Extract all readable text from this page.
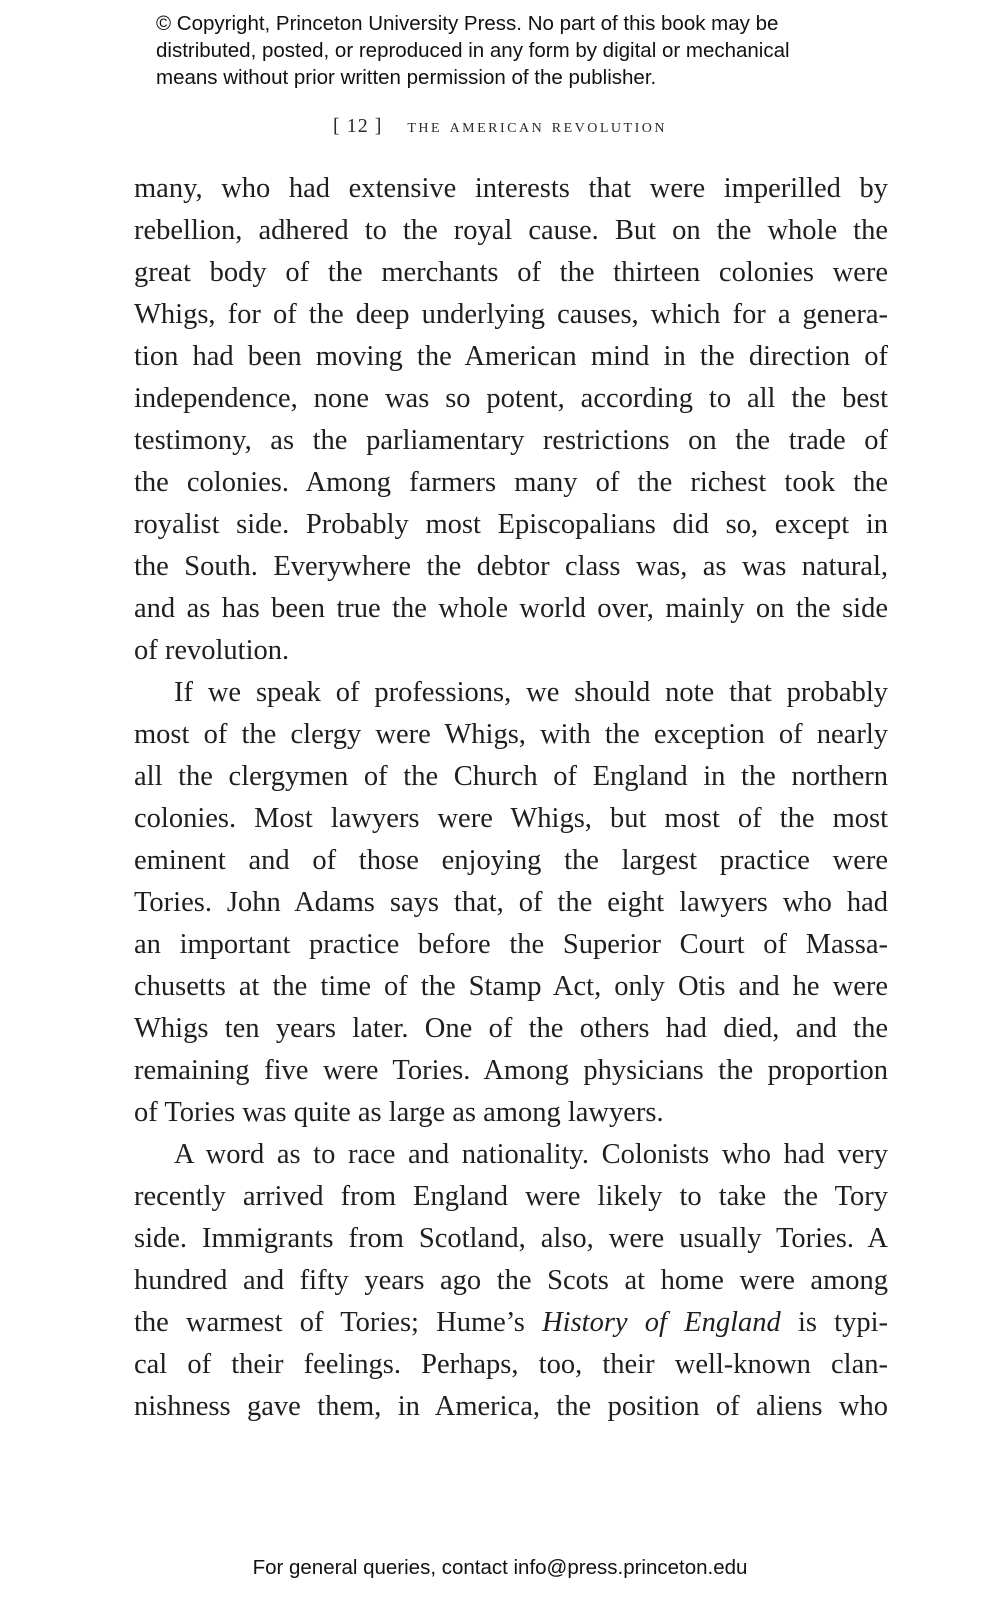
© Copyright, Princeton University Press. No part of this book may be
distributed, posted, or reproduced in any form by digital or mechanical
means without prior written permission of the publisher.
[ 12 ] the american revolution
many, who had extensive interests that were imperilled by
rebellion, adhered to the royal cause. But on the whole the
great body of the merchants of the thirteen colonies were
Whigs, for of the deep underlying causes, which for a genera-
tion had been moving the American mind in the direction of
independence, none was so potent, according to all the best
testimony, as the parliamentary restrictions on the trade of
the colonies. Among farmers many of the richest took the
royalist side. Probably most Episcopalians did so, except in
the South. Everywhere the debtor class was, as was natural,
and as has been true the whole world over, mainly on the side
of revolution.
If we speak of professions, we should note that probably
most of the clergy were Whigs, with the exception of nearly
all the clergymen of the Church of England in the northern
colonies. Most lawyers were Whigs, but most of the most
eminent and of those enjoying the largest practice were
Tories. John Adams says that, of the eight lawyers who had
an important practice before the Superior Court of Massa-
chusetts at the time of the Stamp Act, only Otis and he were
Whigs ten years later. One of the others had died, and the
remaining five were Tories. Among physicians the proportion
of Tories was quite as large as among lawyers.
A word as to race and nationality. Colonists who had very
recently arrived from England were likely to take the Tory
side. Immigrants from Scotland, also, were usually Tories. A
hundred and fifty years ago the Scots at home were among
the warmest of Tories; Hume’s History of England is typi-
cal of their feelings. Perhaps, too, their well-known clan-
nishness gave them, in America, the position of aliens who
For general queries, contact info@press.princeton.edu
